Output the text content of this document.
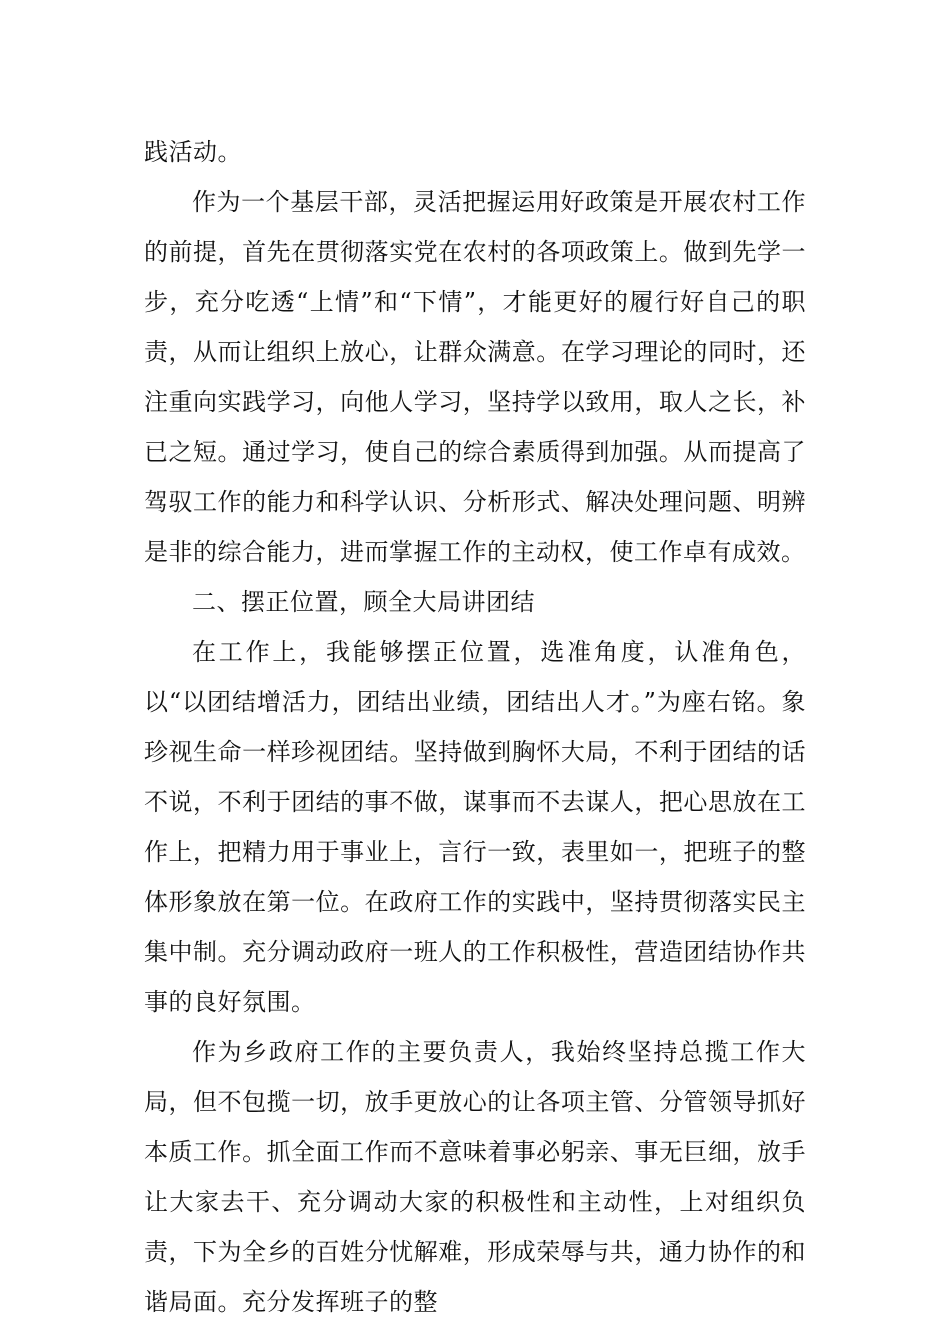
践活动。

作为一个基层干部，灵活把握运用好政策是开展农村工作的前提，首先在贯彻落实党在农村的各项政策上。做到先学一步，充分吃透“上情”和“下情”，才能更好的履行好自己的职责，从而让组织上放心，让群众满意。在学习理论的同时，还注重向实践学习，向他人学习，坚持学以致用，取人之长，补已之短。通过学习，使自己的综合素质得到加强。从而提高了驾驭工作的能力和科学认识、分析形式、解决处理问题、明辨是非的综合能力，进而掌握工作的主动权，使工作卓有成效。

二、摆正位置，顾全大局讲团结

在工作上，我能够摆正位置，选准角度，认准角色，以“以团结增活力，团结出业绩，团结出人才。”为座右铭。象珍视生命一样珍视团结。坚持做到胸怀大局，不利于团结的话不说，不利于团结的事不做，谋事而不去谋人，把心思放在工作上，把精力用于事业上，言行一致，表里如一，把班子的整体形象放在第一位。在政府工作的实践中，坚持贯彻落实民主集中制。充分调动政府一班人的工作积极性，营造团结协作共事的良好氛围。

作为乡政府工作的主要负责人，我始终坚持总揽工作大局，但不包揽一切，放手更放心的让各项主管、分管领导抓好本质工作。抓全面工作而不意味着事必躬亲、事无巨细，放手让大家去干、充分调动大家的积极性和主动性，上对组织负责，下为全乡的百姓分忧解难，形成荣辱与共，通力协作的和谐局面。充分发挥班子的整
